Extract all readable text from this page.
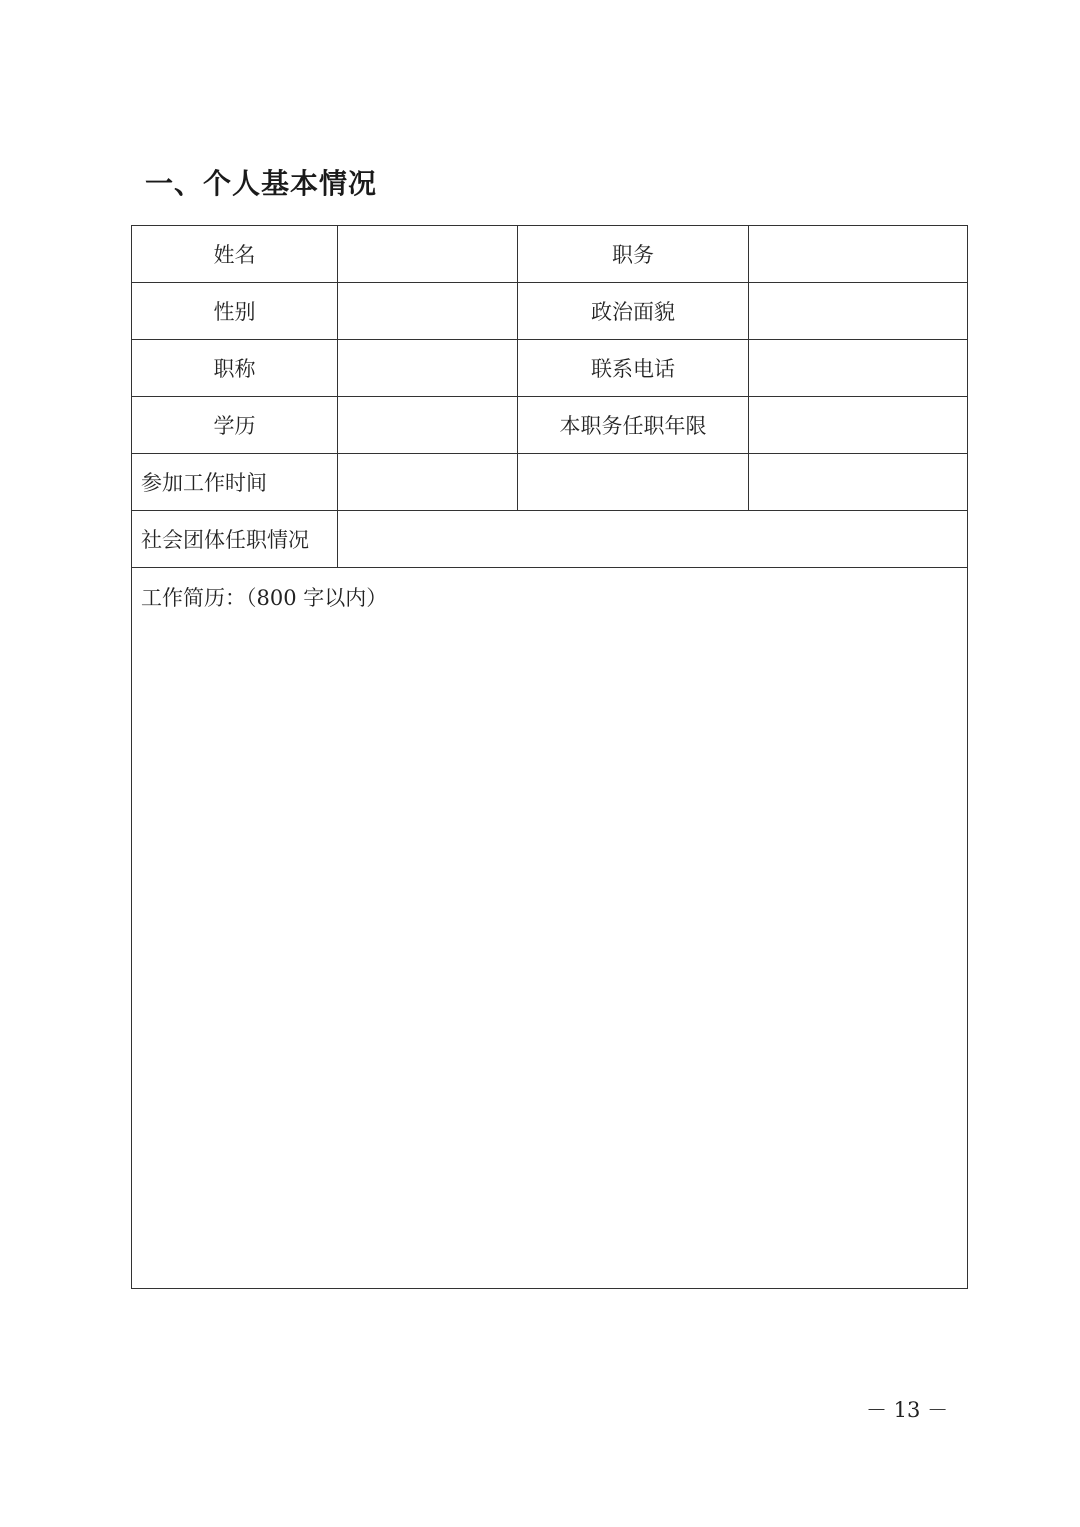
一、个人基本情况
姓名		职务	
性别		政治面貌	
职称		联系电话	
学历		本职务任职年限	
参加工作时间			
社会团体任职情况			
工作简历：（800 字以内）			
－ 13 －
